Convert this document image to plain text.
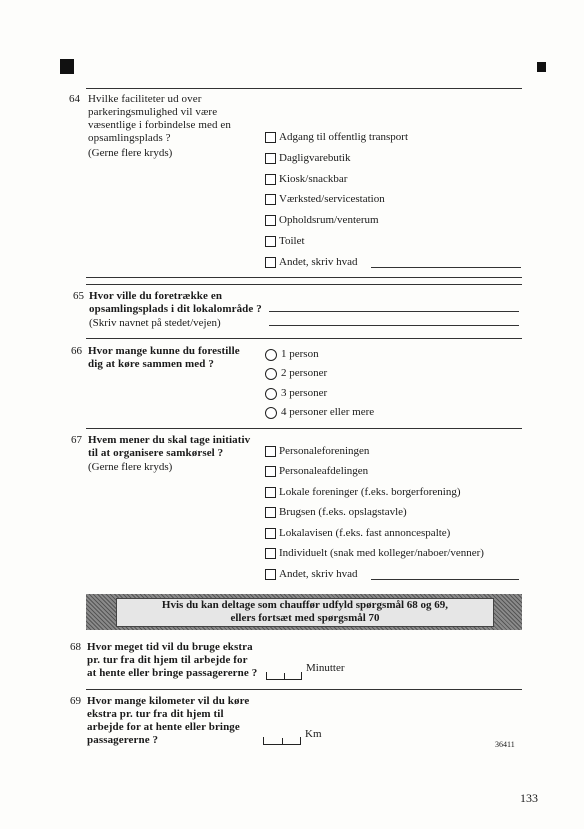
64 Hvilke faciliteter ud over
parkeringsmulighed vil være
væsentlige i forbindelse med en
opsamlingsplads ?
(Gerne flere kryds)
Adgang til offentlig transport
Dagligvarebutik
Kiosk/snackbar
Værksted/servicestation
Opholdsrum/venterum
Toilet
Andet, skriv hvad
65 Hvor ville du foretrække en
opsamlingsplads i dit lokalområde ?
(Skriv navnet på stedet/vejen)
66 Hvor mange kunne du forestille
dig at køre sammen med ?
1 person
2 personer
3 personer
4 personer eller mere
67 Hvem mener du skal tage initiativ
til at organisere samkørsel ?
(Gerne flere kryds)
Personaleforeningen
Personaleafdelingen
Lokale foreninger (f.eks. borgerforening)
Brugsen (f.eks. opslagstavle)
Lokalavisen (f.eks. fast annoncespalte)
Individuelt (snak med kolleger/naboer/venner)
Andet, skriv hvad
Hvis du kan deltage som chauffør udfyld spørgsmål 68 og 69,
ellers fortsæt med spørgsmål 70
68 Hvor meget tid vil du bruge ekstra
pr. tur fra dit hjem til arbejde for
at hente eller bringe passagererne ?	Minutter
69 Hvor mange kilometer vil du køre
ekstra pr. tur fra dit hjem til
arbejde for at hente eller bringe
passagererne ?	Km
36411
133
